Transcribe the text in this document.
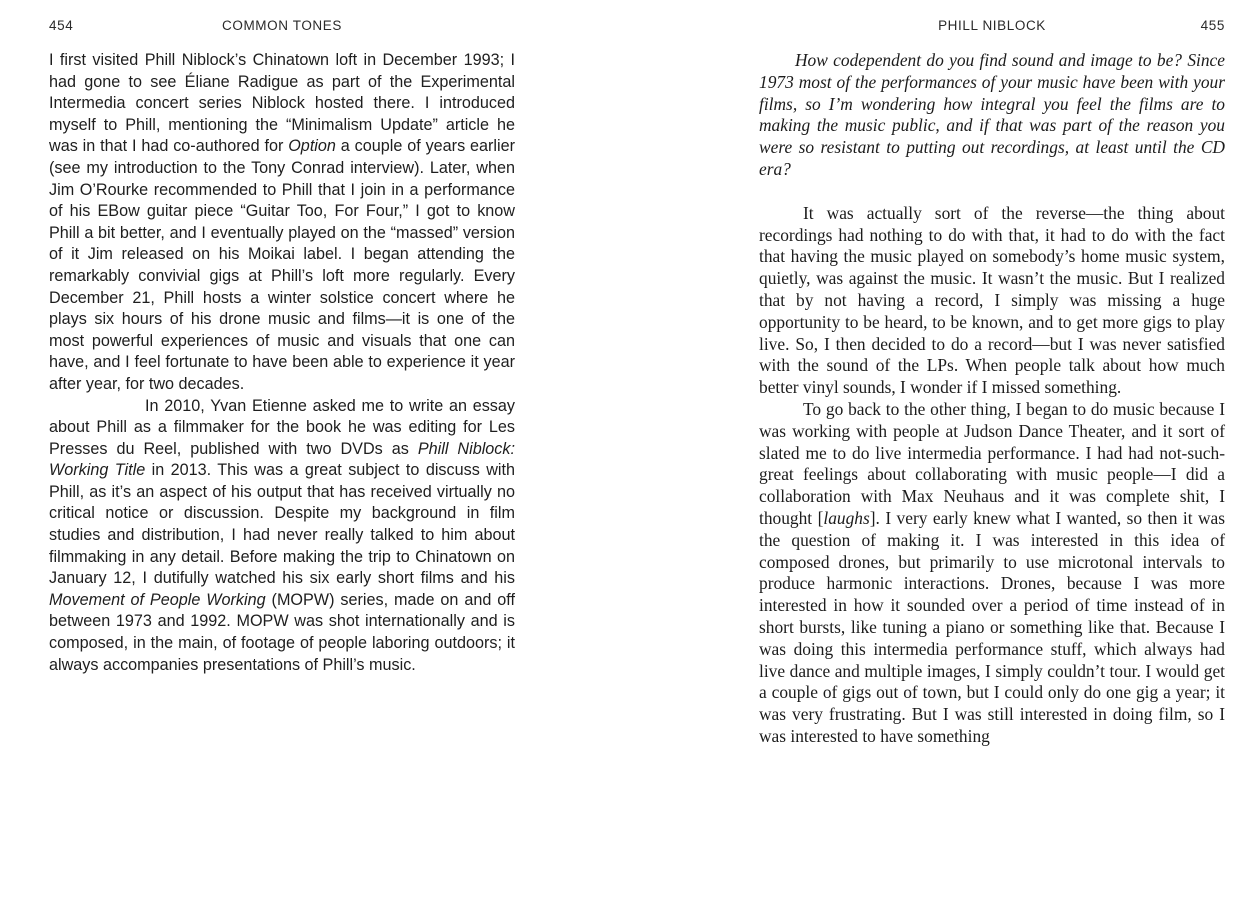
454	COMMON TONES

I first visited Phill Niblock’s Chinatown loft in December 1993; I had gone to see Éliane Radigue as part of the Experimental Intermedia concert series Niblock hosted there. I introduced myself to Phill, mentioning the “Minimalism Update” article he was in that I had co-authored for Option a couple of years earlier (see my introduction to the Tony Conrad interview). Later, when Jim O’Rourke recommended to Phill that I join in a performance of his EBow guitar piece “Guitar Too, For Four,” I got to know Phill a bit better, and I eventually played on the “massed” version of it Jim released on his Moikai label. I began attending the remarkably convivial gigs at Phill’s loft more regularly. Every December 21, Phill hosts a winter solstice concert where he plays six hours of his drone music and films—it is one of the most powerful experiences of music and visuals that one can have, and I feel fortunate to have been able to experience it year after year, for two decades.

In 2010, Yvan Etienne asked me to write an essay about Phill as a filmmaker for the book he was editing for Les Presses du Reel, published with two DVDs as Phill Niblock: Working Title in 2013. This was a great subject to discuss with Phill, as it’s an aspect of his output that has received virtually no critical notice or discussion. Despite my background in film studies and distribution, I had never really talked to him about filmmaking in any detail. Before making the trip to Chinatown on January 12, I dutifully watched his six early short films and his Movement of People Working (MOPW) series, made on and off between 1973 and 1992. MOPW was shot internationally and is composed, in the main, of footage of people laboring outdoors; it always accompanies presentations of Phill’s music.

PHILL NIBLOCK	455

How codependent do you find sound and image to be? Since 1973 most of the performances of your music have been with your films, so I’m wondering how integral you feel the films are to making the music public, and if that was part of the reason you were so resistant to putting out recordings, at least until the CD era?

It was actually sort of the reverse—the thing about recordings had nothing to do with that, it had to do with the fact that having the music played on somebody’s home music system, quietly, was against the music. It wasn’t the music. But I realized that by not having a record, I simply was missing a huge opportunity to be heard, to be known, and to get more gigs to play live. So, I then decided to do a record—but I was never satisfied with the sound of the LPs. When people talk about how much better vinyl sounds, I wonder if I missed something.

To go back to the other thing, I began to do music because I was working with people at Judson Dance Theater, and it sort of slated me to do live intermedia performance. I had had not-such-great feelings about collaborating with music people—I did a collaboration with Max Neuhaus and it was complete shit, I thought [laughs]. I very early knew what I wanted, so then it was the question of making it. I was interested in this idea of composed drones, but primarily to use microtonal intervals to produce harmonic interactions. Drones, because I was more interested in how it sounded over a period of time instead of in short bursts, like tuning a piano or something like that. Because I was doing this intermedia performance stuff, which always had live dance and multiple images, I simply couldn’t tour. I would get a couple of gigs out of town, but I could only do one gig a year; it was very frustrating. But I was still interested in doing film, so I was interested to have something
